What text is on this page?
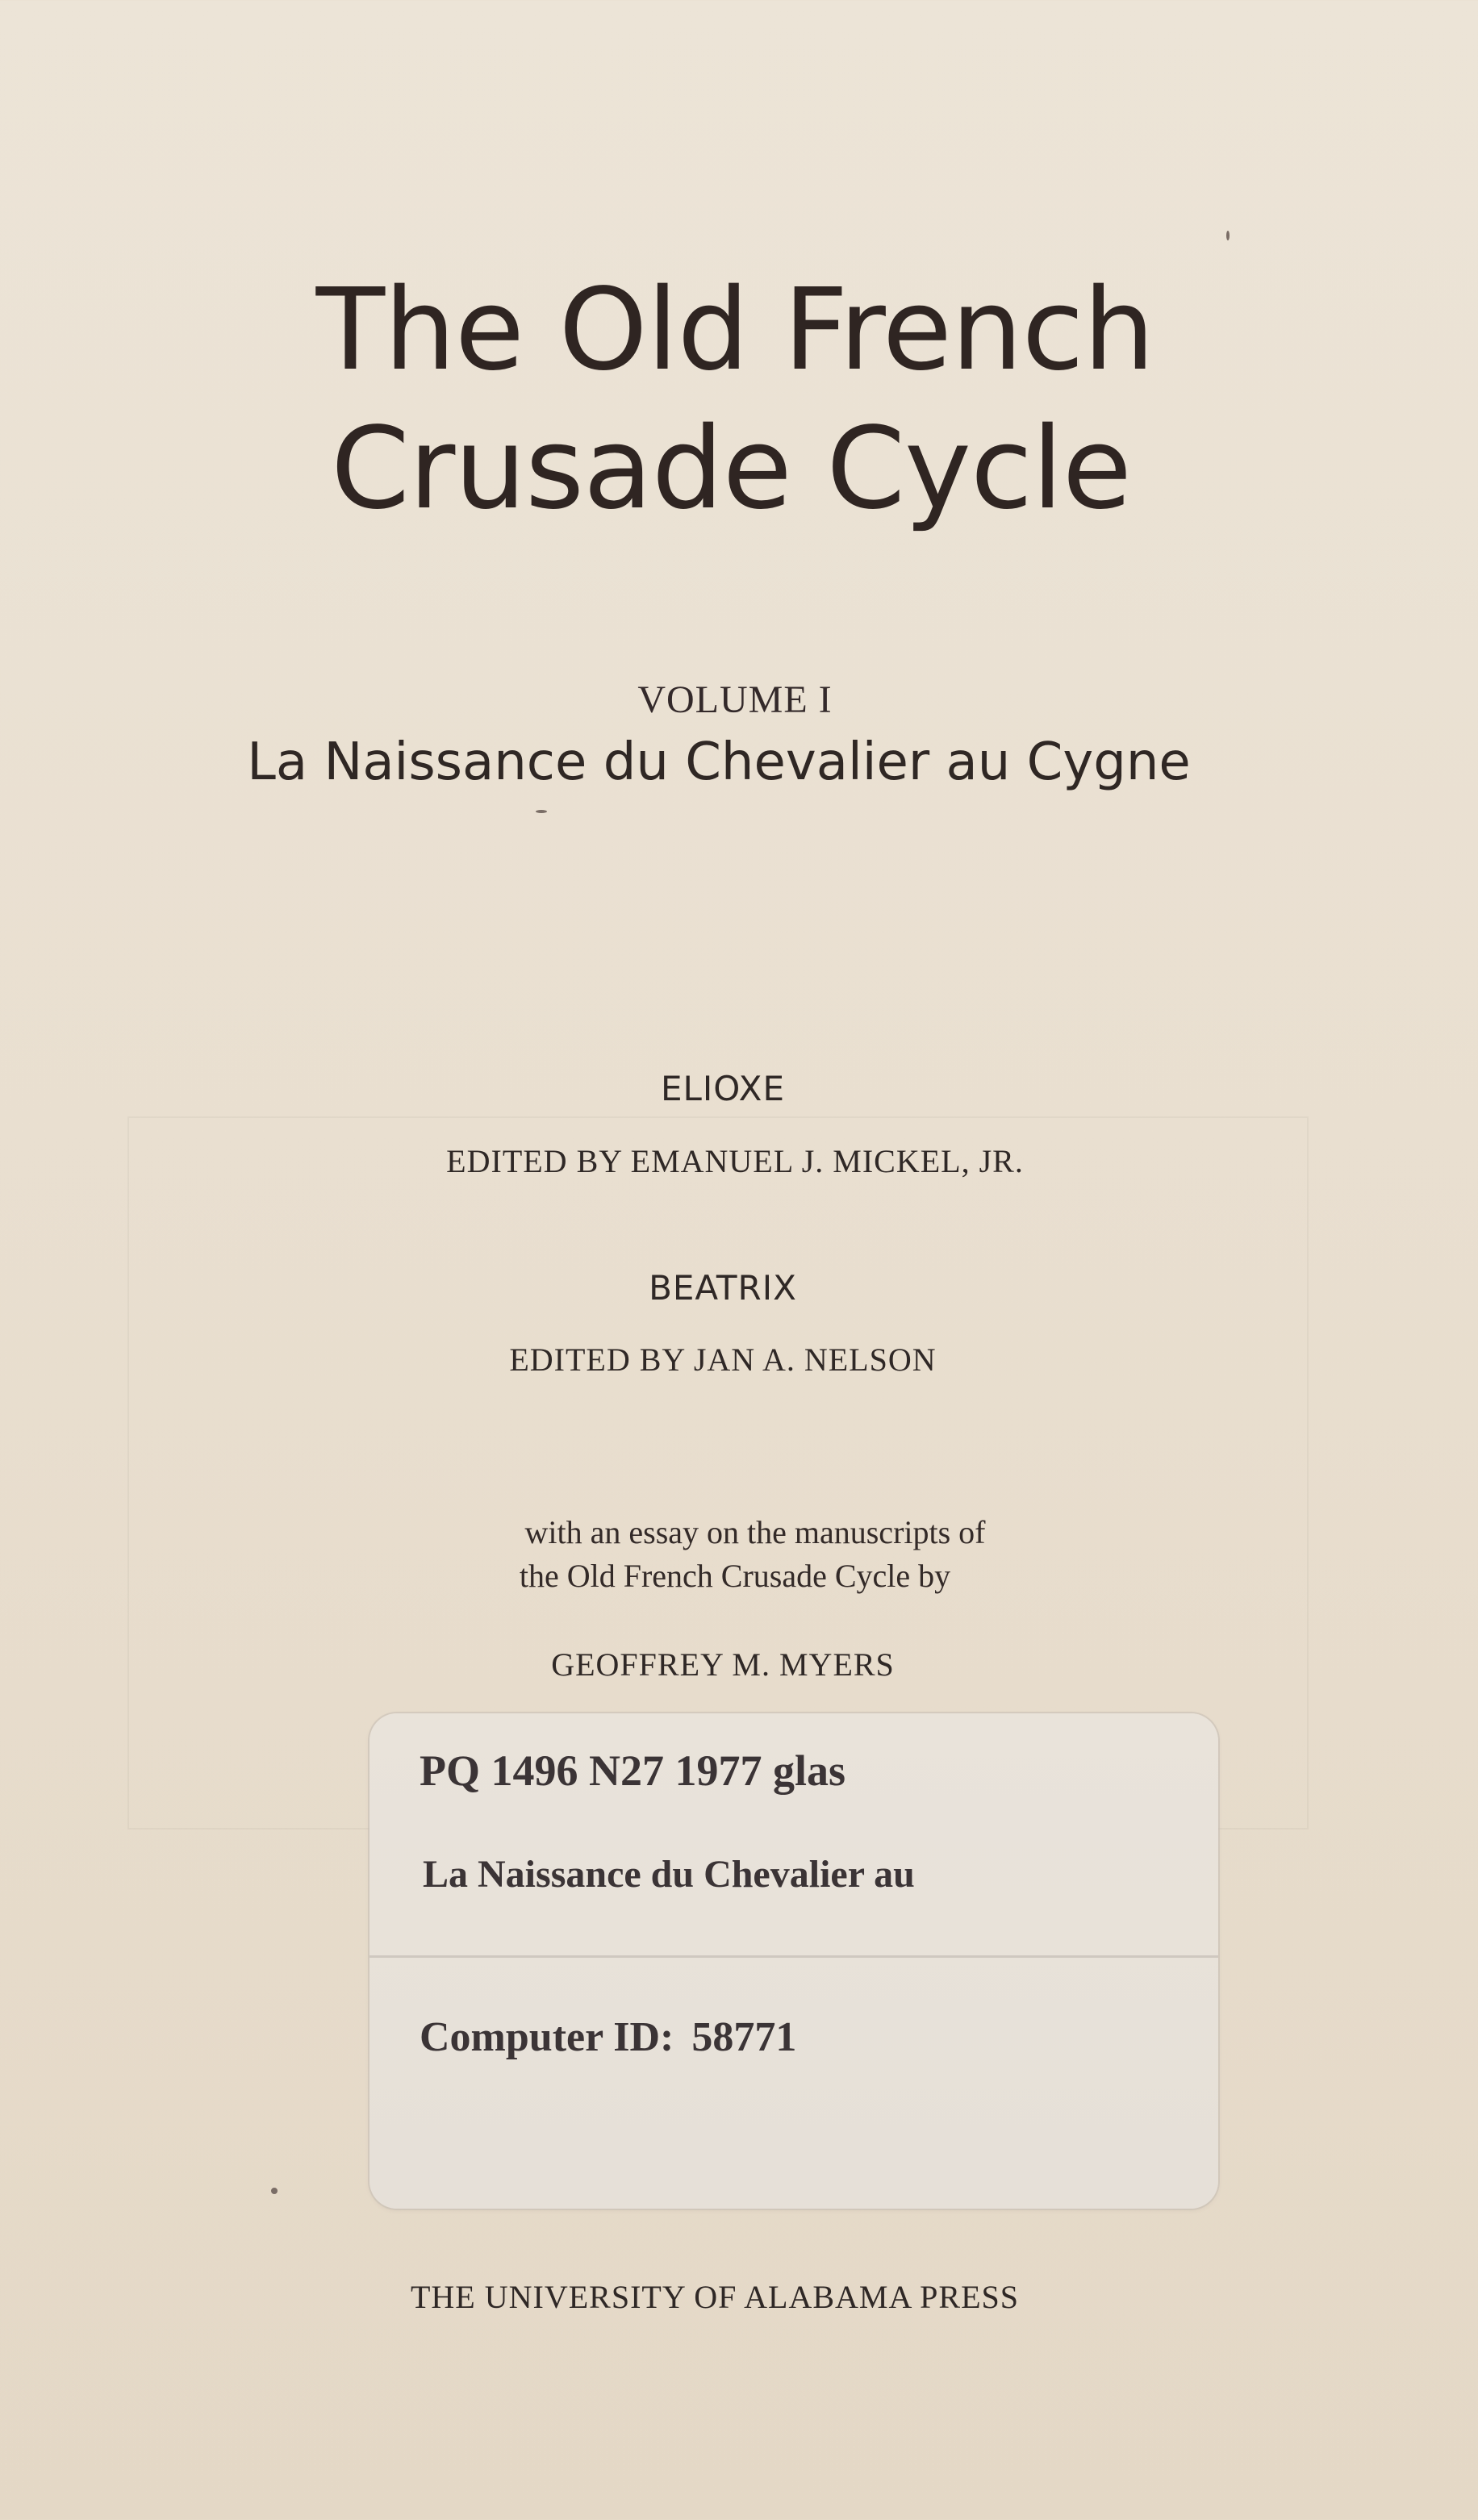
The Old French
Crusade Cycle
VOLUME I
La Naissance du Chevalier au Cygne
ELIOXE
EDITED BY EMANUEL J. MICKEL, JR.
BEATRIX
EDITED BY JAN A. NELSON
with an essay on the manuscripts of
the Old French Crusade Cycle by
GEOFFREY M. MYERS
PQ 1496 N27 1977 glas
La Naissance du Chevalier au
Computer ID: 58771
THE UNIVERSITY OF ALABAMA PRESS
